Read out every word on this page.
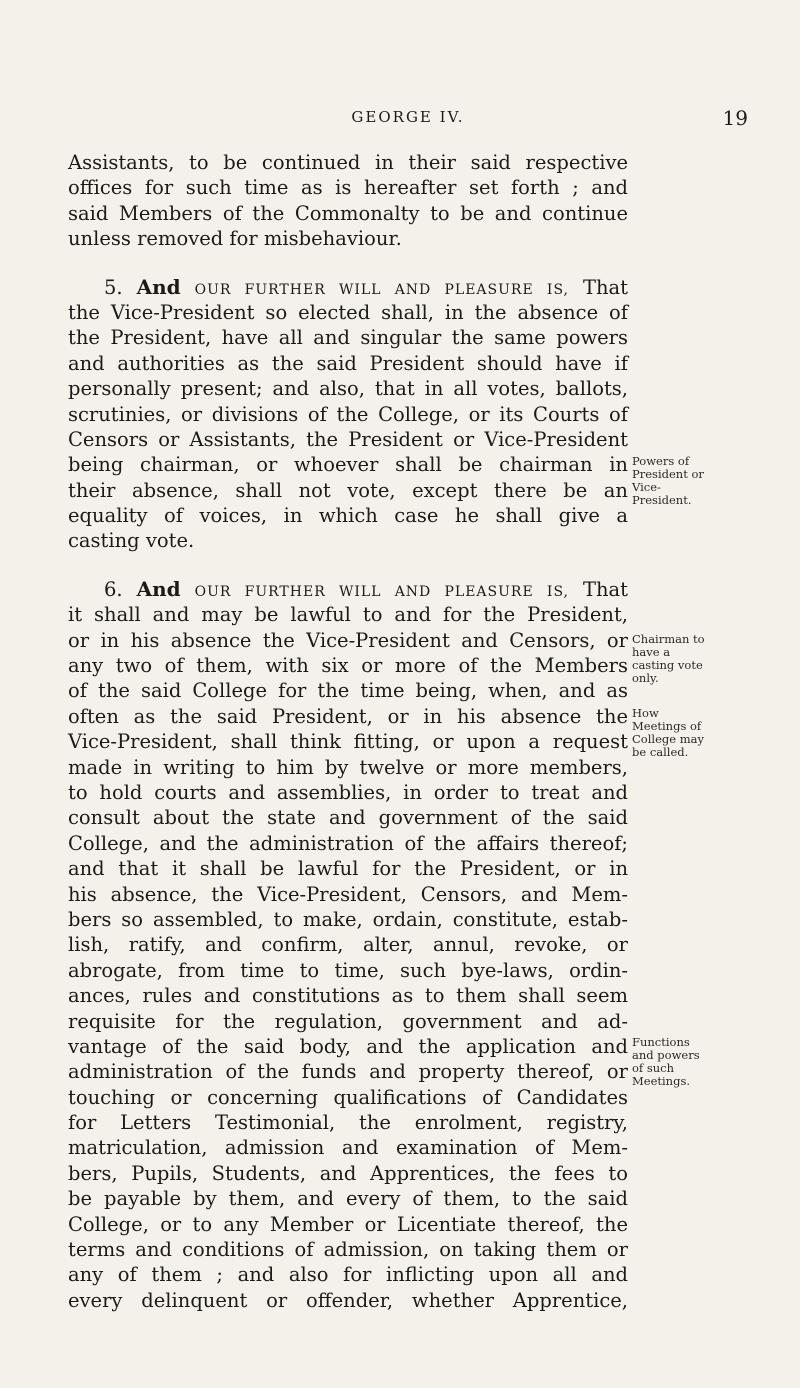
GEORGE IV.	19
Assistants, to be continued in their said respective
offices for such time as is hereafter set forth ; and
said Members of the Commonalty to be and continue
unless removed for misbehaviour.
5. And OUR FURTHER WILL AND PLEASURE IS, That
the Vice-President so elected shall, in the absence of
the President, have all and singular the same powers
and authorities as the said President should have if
personally present; and also, that in all votes, ballots,
scrutinies, or divisions of the College, or its Courts of
Censors or Assistants, the President or Vice-President
being chairman, or whoever shall be chairman in
their absence, shall not vote, except there be an
equality of voices, in which case he shall give a
casting vote.
6. And OUR FURTHER WILL AND PLEASURE IS, That
it shall and may be lawful to and for the President,
or in his absence the Vice-President and Censors, or
any two of them, with six or more of the Members
of the said College for the time being, when, and as
often as the said President, or in his absence the
Vice-President, shall think fitting, or upon a request
made in writing to him by twelve or more members,
to hold courts and assemblies, in order to treat and
consult about the state and government of the said
College, and the administration of the affairs thereof;
and that it shall be lawful for the President, or in
his absence, the Vice-President, Censors, and Mem-
bers so assembled, to make, ordain, constitute, estab-
lish, ratify, and confirm, alter, annul, revoke, or
abrogate, from time to time, such bye-laws, ordin-
ances, rules and constitutions as to them shall seem
requisite for the regulation, government and ad-
vantage of the said body, and the application and
administration of the funds and property thereof, or
touching or concerning qualifications of Candidates
for Letters Testimonial, the enrolment, registry,
matriculation, admission and examination of Mem-
bers, Pupils, Students, and Apprentices, the fees to
be payable by them, and every of them, to the said
College, or to any Member or Licentiate thereof, the
terms and conditions of admission, on taking them or
any of them ; and also for inflicting upon all and
every delinquent or offender, whether Apprentice,
Powers of President or Vice-President.
Chairman to have a casting vote only.
How Meetings of College may be called.
Functions and powers of such Meetings.
